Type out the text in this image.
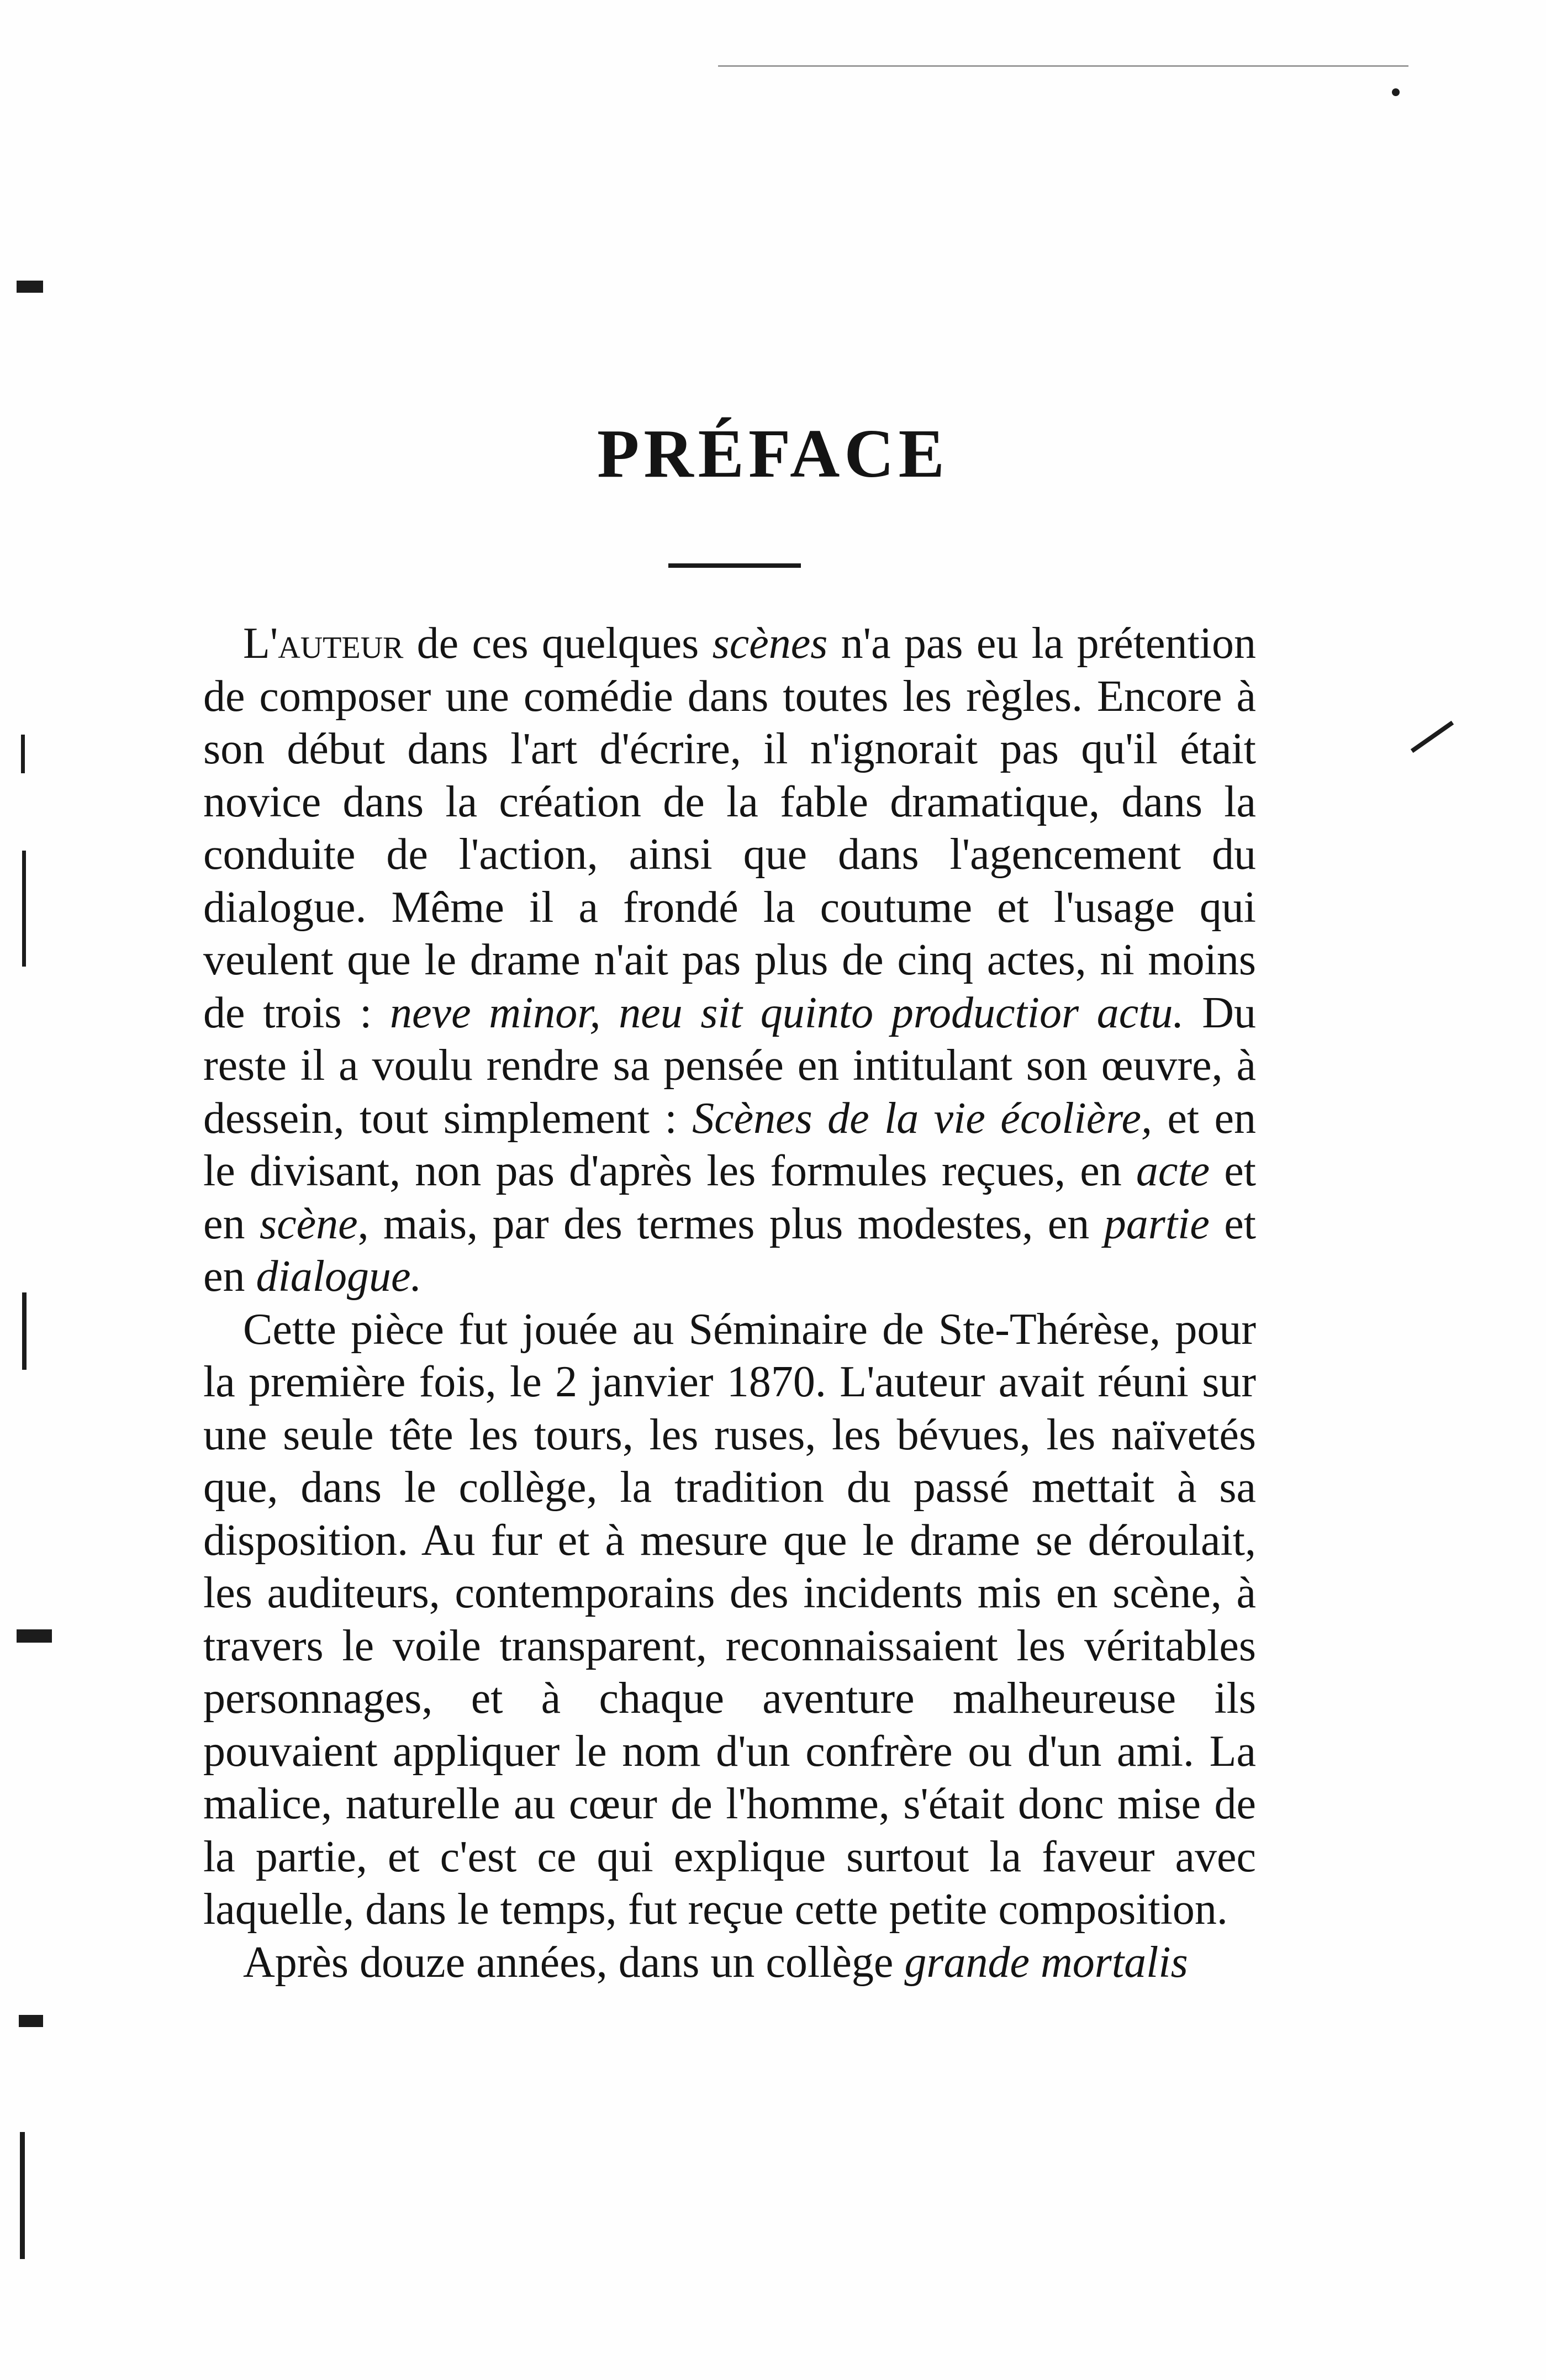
PRÉFACE

L'auteur de ces quelques scènes n'a pas eu la prétention de composer une comédie dans toutes les règles. Encore à son début dans l'art d'écrire, il n'ignorait pas qu'il était novice dans la création de la fable dramatique, dans la conduite de l'action, ainsi que dans l'agencement du dialogue. Même il a frondé la coutume et l'usage qui veulent que le drame n'ait pas plus de cinq actes, ni moins de trois : neve minor, neu sit quinto productior actu. Du reste il a voulu rendre sa pensée en intitulant son œuvre, à dessein, tout simplement : Scènes de la vie écolière, et en le divisant, non pas d'après les formules reçues, en acte et en scène, mais, par des termes plus modestes, en partie et en dialogue.

Cette pièce fut jouée au Séminaire de Ste-Thérèse, pour la première fois, le 2 janvier 1870. L'auteur avait réuni sur une seule tête les tours, les ruses, les bévues, les naïvetés que, dans le collège, la tradition du passé mettait à sa disposition. Au fur et à mesure que le drame se déroulait, les auditeurs, contemporains des incidents mis en scène, à travers le voile transparent, reconnaissaient les véritables personnages, et à chaque aventure malheureuse ils pouvaient appliquer le nom d'un confrère ou d'un ami. La malice, naturelle au cœur de l'homme, s'était donc mise de la partie, et c'est ce qui explique surtout la faveur avec laquelle, dans le temps, fut reçue cette petite composition.

Après douze années, dans un collège grande mortalis
